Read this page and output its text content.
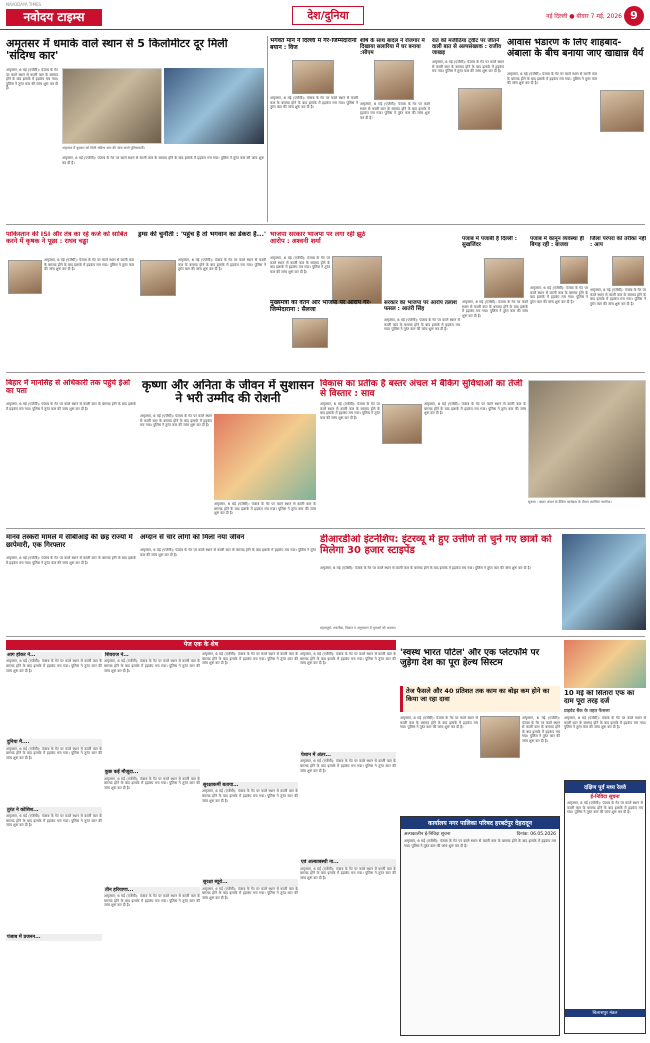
NAVODAYA TIMES
नवोदय टाइम्स	देश/दुनिया	नई दिल्ली ● बीवार 7 मई, 2026 9
अमृतसर में धमाके वाले स्थान से 5 किलोमीटर दूर मिली 'संदिग्ध कार'
अमृतसर, 6 मई (एजेंसी): पंजाब के गेट पर काले स्थान से काली कार के बरामद होने के बाद इलाके में हड़कंप मच गया। पुलिस ने तुरंत कार की जांच शुरू कर दी है।
अमृतसर में बुधवार को मिली संदिग्ध कार की जांच करते पुलिसकर्मी।
अमृतसर, 6 मई (एजेंसी): पंजाब के गेट पर काले स्थान से काली कार के बरामद होने के बाद इलाके में हड़कंप मच गया। पुलिस ने तुरंत कार की जांच शुरू कर दी है।
भगवंत मान ने दिल्ली में गैर-जिम्मेदाराना बयान : विज
अमृतसर, 6 मई (एजेंसी): पंजाब के गेट पर काले स्थान से काली कार के बरामद होने के बाद इलाके में हड़कंप मच गया। पुलिस ने तुरंत कार की जांच शुरू कर दी है।
शीर्ष के साथ बादल ने रोजगार में दिखाया सलारिया में घर बनाया :सीएम
अमृतसर, 6 मई (एजेंसी): पंजाब के गेट पर काले स्थान से काली कार के बरामद होने के बाद इलाके में हड़कंप मच गया। पुलिस ने तुरंत कार की जांच शुरू कर दी है।
रात को मजीठिया ट्वीट पर जीतने वाली बात से अल्पसंख्यक : राजीव जाखड़
अमृतसर, 6 मई (एजेंसी): पंजाब के गेट पर काले स्थान से काली कार के बरामद होने के बाद इलाके में हड़कंप मच गया। पुलिस ने तुरंत कार की जांच शुरू कर दी है।
आवास भंडारण के लिए शाहबाद-अंबाला के बीच बनाया जाए खाद्यान्न धैर्य
अमृतसर, 6 मई (एजेंसी): पंजाब के गेट पर काले स्थान से काली कार के बरामद होने के बाद इलाके में हड़कंप मच गया। पुलिस ने तुरंत कार की जांच शुरू कर दी है।
पाकिस्तान की ISI और तंत्र का रहे कर्ज को साबित करने में कृषक ने पूछा : राघव चड्ढा
अमृतसर, 6 मई (एजेंसी): पंजाब के गेट पर काले स्थान से काली कार के बरामद होने के बाद इलाके में हड़कंप मच गया। पुलिस ने तुरंत कार की जांच शुरू कर दी है।
ड्रग्स की चुनौती : 'पहुंच है तो भगवान का डेकरा है...'
अमृतसर, 6 मई (एजेंसी): पंजाब के गेट पर काले स्थान से काली कार के बरामद होने के बाद इलाके में हड़कंप मच गया। पुलिस ने तुरंत कार की जांच शुरू कर दी है।
भाजपा सरकार भाजपा पर लगा रही झूठे आरोप : अश्वनी शर्मा
अमृतसर, 6 मई (एजेंसी): पंजाब के गेट पर काले स्थान से काली कार के बरामद होने के बाद इलाके में हड़कंप मच गया। पुलिस ने तुरंत कार की जांच शुरू कर दी है।
मुख्यमंत्री का वेतन और भाजपा पर आरोप गैर-जिम्मेदाराना : सैलजा
सरकार का भाजपा पर आरोप तलाश फसल : आतंरी सिंह
अमृतसर, 6 मई (एजेंसी): पंजाब के गेट पर काले स्थान से काली कार के बरामद होने के बाद इलाके में हड़कंप मच गया। पुलिस ने तुरंत कार की जांच शुरू कर दी है।
पंजाब में पंजाबी है दिल्ली : सुखजिंदर
अमृतसर, 6 मई (एजेंसी): पंजाब के गेट पर काले स्थान से काली कार के बरामद होने के बाद इलाके में हड़कंप मच गया। पुलिस ने तुरंत कार की जांच शुरू कर दी है।
पंजाब में कानून व्यवस्था ही बिगड़ रही : बाजवा
अमृतसर, 6 मई (एजेंसी): पंजाब के गेट पर काले स्थान से काली कार के बरामद होने के बाद इलाके में हड़कंप मच गया। पुलिस ने तुरंत कार की जांच शुरू कर दी है।
जिला परंपरा को तरीका नहीं : आप
अमृतसर, 6 मई (एजेंसी): पंजाब के गेट पर काले स्थान से काली कार के बरामद होने के बाद इलाके में हड़कंप मच गया। पुलिस ने तुरंत कार की जांच शुरू कर दी है।
बिहार में मानसिंह से अधिकारी तक पहुंचे ईओ का पता
अमृतसर, 6 मई (एजेंसी): पंजाब के गेट पर काले स्थान से काली कार के बरामद होने के बाद इलाके में हड़कंप मच गया। पुलिस ने तुरंत कार की जांच शुरू कर दी है।
कृष्णा और अनिता के जीवन में सुशासन ने भरी उम्मीद की रोशनी
अमृतसर, 6 मई (एजेंसी): पंजाब के गेट पर काले स्थान से काली कार के बरामद होने के बाद इलाके में हड़कंप मच गया। पुलिस ने तुरंत कार की जांच शुरू कर दी है।
अमृतसर, 6 मई (एजेंसी): पंजाब के गेट पर काले स्थान से काली कार के बरामद होने के बाद इलाके में हड़कंप मच गया। पुलिस ने तुरंत कार की जांच शुरू कर दी है।
विकास का प्रतीक है बस्तर अंचल में बैंकिंग सुविधाओं का तेजी से विस्तार : साव
अमृतसर, 6 मई (एजेंसी): पंजाब के गेट पर काले स्थान से काली कार के बरामद होने के बाद इलाके में हड़कंप मच गया। पुलिस ने तुरंत कार की जांच शुरू कर दी है।
अमृतसर, 6 मई (एजेंसी): पंजाब के गेट पर काले स्थान से काली कार के बरामद होने के बाद इलाके में हड़कंप मच गया। पुलिस ने तुरंत कार की जांच शुरू कर दी है।
सुकमा : बस्तर अंचल के बैंकिंग कार्यक्रम के दौरान उपस्थित नागरिक।
मानव तस्करी मामले में सीबीआई की छह राज्यों में छापेमारी, एक गिरफ्तार
अमृतसर, 6 मई (एजेंसी): पंजाब के गेट पर काले स्थान से काली कार के बरामद होने के बाद इलाके में हड़कंप मच गया। पुलिस ने तुरंत कार की जांच शुरू कर दी है।
अंग्दान से चार लोगों को मिला नया जीवन
अमृतसर, 6 मई (एजेंसी): पंजाब के गेट पर काले स्थान से काली कार के बरामद होने के बाद इलाके में हड़कंप मच गया। पुलिस ने तुरंत कार की जांच शुरू कर दी है।
डीआरडीओ इंटर्नशिप: इंटरव्यू में हुए उत्तीर्ण तो चुने गए छात्रों को मिलेगा 30 हजार स्टाइपेंड
अमृतसर, 6 मई (एजेंसी): पंजाब के गेट पर काले स्थान से काली कार के बरामद होने के बाद इलाके में हड़कंप मच गया। पुलिस ने तुरंत कार की जांच शुरू कर दी है।
महत्वपूर्ण: तकनीक, विज्ञान व अनुसंधान में युवाओं को अवसर।
पेज एक के शेष
आग होकर ने...
अमृतसर, 6 मई (एजेंसी): पंजाब के गेट पर काले स्थान से काली कार के बरामद होने के बाद इलाके में हड़कंप मच गया। पुलिस ने तुरंत कार की जांच शुरू कर दी है।
दुनिया मै....
अमृतसर, 6 मई (एजेंसी): पंजाब के गेट पर काले स्थान से काली कार के बरामद होने के बाद इलाके में हड़कंप मच गया। पुलिस ने तुरंत कार की जांच शुरू कर दी है।
तुरंत ने कोशिश...
अमृतसर, 6 मई (एजेंसी): पंजाब के गेट पर काले स्थान से काली कार के बरामद होने के बाद इलाके में हड़कंप मच गया। पुलिस ने तुरंत कार की जांच शुरू कर दी है।
पंजाब में प्रजनन...
शिवराज ने...
अमृतसर, 6 मई (एजेंसी): पंजाब के गेट पर काले स्थान से काली कार के बरामद होने के बाद इलाके में हड़कंप मच गया। पुलिस ने तुरंत कार की जांच शुरू कर दी है।
कुछ कई मौजूदा...
अमृतसर, 6 मई (एजेंसी): पंजाब के गेट पर काले स्थान से काली कार के बरामद होने के बाद इलाके में हड़कंप मच गया। पुलिस ने तुरंत कार की जांच शुरू कर दी है।
तीन हरियाणा...
अमृतसर, 6 मई (एजेंसी): पंजाब के गेट पर काले स्थान से काली कार के बरामद होने के बाद इलाके में हड़कंप मच गया। पुलिस ने तुरंत कार की जांच शुरू कर दी है।
अमृतसर, 6 मई (एजेंसी): पंजाब के गेट पर काले स्थान से काली कार के बरामद होने के बाद इलाके में हड़कंप मच गया। पुलिस ने तुरंत कार की जांच शुरू कर दी है।
सुरक्षाकर्मी बताया...
अमृतसर, 6 मई (एजेंसी): पंजाब के गेट पर काले स्थान से काली कार के बरामद होने के बाद इलाके में हड़कंप मच गया। पुलिस ने तुरंत कार की जांच शुरू कर दी है।
सुरक्षा ब्यूरो...
अमृतसर, 6 मई (एजेंसी): पंजाब के गेट पर काले स्थान से काली कार के बरामद होने के बाद इलाके में हड़कंप मच गया। पुलिस ने तुरंत कार की जांच शुरू कर दी है।
अमृतसर, 6 मई (एजेंसी): पंजाब के गेट पर काले स्थान से काली कार के बरामद होने के बाद इलाके में हड़कंप मच गया। पुलिस ने तुरंत कार की जांच शुरू कर दी है।
पेशान में अंतर...
अमृतसर, 6 मई (एजेंसी): पंजाब के गेट पर काले स्थान से काली कार के बरामद होने के बाद इलाके में हड़कंप मच गया। पुलिस ने तुरंत कार की जांच शुरू कर दी है।
एवं अल्काबस्थी ना...
अमृतसर, 6 मई (एजेंसी): पंजाब के गेट पर काले स्थान से काली कार के बरामद होने के बाद इलाके में हड़कंप मच गया। पुलिस ने तुरंत कार की जांच शुरू कर दी है।
'स्वस्थ भारत पोर्टल' और एक प्लेटफॉर्म पर जुड़ेगा देश का पूरा हेल्थ सिस्टम
तेज फैसले और 40 प्रतिशत तक काम का बोझ कम होने का किया जा रहा दावा
अमृतसर, 6 मई (एजेंसी): पंजाब के गेट पर काले स्थान से काली कार के बरामद होने के बाद इलाके में हड़कंप मच गया। पुलिस ने तुरंत कार की जांच शुरू कर दी है।
अमृतसर, 6 मई (एजेंसी): पंजाब के गेट पर काले स्थान से काली कार के बरामद होने के बाद इलाके में हड़कंप मच गया। पुलिस ने तुरंत कार की जांच शुरू कर दी है।
10 मई को सितारा एफ का दाम पूरा तरह दर्ज
प्राइवेट बैंक के तहत फैसला
अमृतसर, 6 मई (एजेंसी): पंजाब के गेट पर काले स्थान से काली कार के बरामद होने के बाद इलाके में हड़कंप मच गया। पुलिस ने तुरंत कार की जांच शुरू कर दी है।
दक्षिण पूर्व मध्य रेलवे
ई-निविदा सूचना
अमृतसर, 6 मई (एजेंसी): पंजाब के गेट पर काले स्थान से काली कार के बरामद होने के बाद इलाके में हड़कंप मच गया। पुलिस ने तुरंत कार की जांच शुरू कर दी है।
बिलासपुर मंडल
कार्यालय नगर पालिका परिषद हरबर्टपुर देहरादून
अल्पकालीन ई-निविदा सूचना	दिनांक: 06.05.2026
अमृतसर, 6 मई (एजेंसी): पंजाब के गेट पर काले स्थान से काली कार के बरामद होने के बाद इलाके में हड़कंप मच गया। पुलिस ने तुरंत कार की जांच शुरू कर दी है।
